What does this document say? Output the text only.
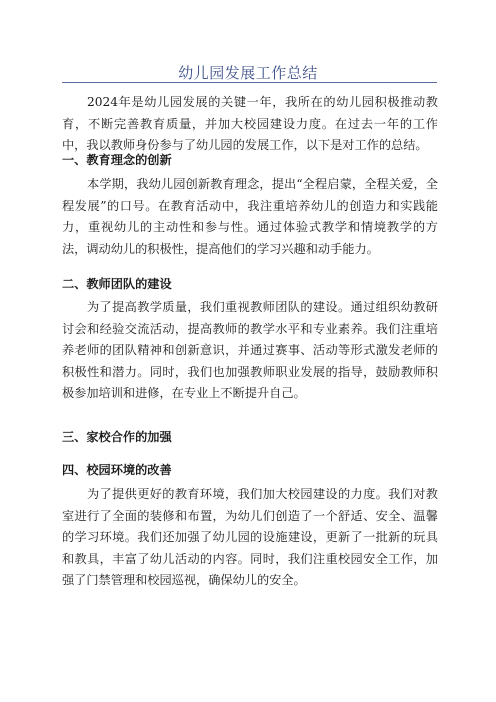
幼儿园发展工作总结

2024年是幼儿园发展的关键一年，我所在的幼儿园积极推动教育，不断完善教育质量，并加大校园建设力度。在过去一年的工作中，我以教师身份参与了幼儿园的发展工作，以下是对工作的总结。

一、教育理念的创新

本学期，我幼儿园创新教育理念，提出“全程启蒙，全程关爱，全程发展”的口号。在教育活动中，我注重培养幼儿的创造力和实践能力，重视幼儿的主动性和参与性。通过体验式教学和情境教学的方法，调动幼儿的积极性，提高他们的学习兴趣和动手能力。

二、教师团队的建设

为了提高教学质量，我们重视教师团队的建设。通过组织幼教研讨会和经验交流活动，提高教师的教学水平和专业素养。我们注重培养老师的团队精神和创新意识，并通过赛事、活动等形式激发老师的积极性和潜力。同时，我们也加强教师职业发展的指导，鼓励教师积极参加培训和进修，在专业上不断提升自己。

三、家校合作的加强
四、校园环境的改善

为了提供更好的教育环境，我们加大校园建设的力度。我们对教室进行了全面的装修和布置，为幼儿们创造了一个舒适、安全、温馨的学习环境。我们还加强了幼儿园的设施建设，更新了一批新的玩具和教具，丰富了幼儿活动的内容。同时，我们注重校园安全工作，加强了门禁管理和校园巡视，确保幼儿的安全。
